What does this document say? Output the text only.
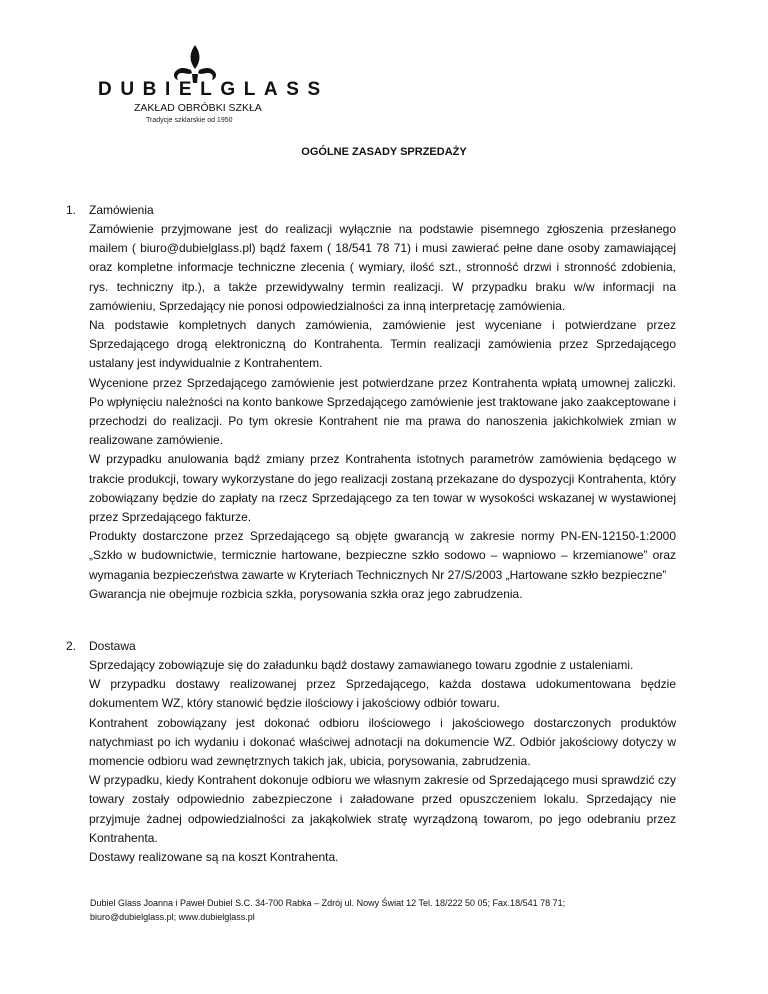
DUBIELGLASS
ZAKŁAD OBRÓBKI SZKŁA
Tradycje szklarskie od 1950
OGÓLNE ZASADY SPRZEDAŻY
1.	Zamówienia

Zamówienie przyjmowane jest do realizacji wyłącznie na podstawie pisemnego zgłoszenia przesłanego mailem ( biuro@dubielglass.pl) bądź faxem ( 18/541 78 71) i musi zawierać pełne dane osoby zamawiającej oraz kompletne informacje techniczne zlecenia ( wymiary, ilość szt., stronność drzwi i stronność zdobienia, rys. techniczny itp.), a także przewidywalny termin realizacji. W przypadku braku w/w informacji na zamówieniu, Sprzedający nie ponosi odpowiedzialności za inną interpretację zamówienia.

Na podstawie kompletnych danych zamówienia, zamówienie jest wyceniane i potwierdzane przez Sprzedającego drogą elektroniczną do Kontrahenta. Termin realizacji zamówienia przez Sprzedającego ustalany jest indywidualnie z Kontrahentem.

Wycenione przez Sprzedającego zamówienie jest potwierdzane przez Kontrahenta wpłatą umownej zaliczki. Po wpłynięciu należności na konto bankowe Sprzedającego zamówienie jest traktowane jako zaakceptowane i przechodzi do realizacji. Po tym okresie Kontrahent nie ma prawa do nanoszenia jakichkolwiek zmian w realizowane zamówienie.

W przypadku anulowania bądź zmiany przez Kontrahenta istotnych parametrów zamówienia będącego w trakcie produkcji, towary wykorzystane do jego realizacji zostaną przekazane do dyspozycji Kontrahenta, który zobowiązany będzie do zapłaty na rzecz Sprzedającego za ten towar w wysokości wskazanej w wystawionej przez Sprzedającego fakturze.

Produkty dostarczone przez Sprzedającego są objęte gwarancją w zakresie normy PN-EN-12150-1:2000 „Szkło w budownictwie, termicznie hartowane, bezpieczne szkło sodowo – wapniowo – krzemianowe” oraz wymagania bezpieczeństwa zawarte w Kryteriach Technicznych Nr 27/S/2003 „Hartowane szkło bezpieczne”

Gwarancja nie obejmuje rozbicia szkła, porysowania szkła oraz jego zabrudzenia.

2.	Dostawa

Sprzedający zobowiązuje się do załadunku bądź dostawy zamawianego towaru zgodnie z ustaleniami.

W przypadku dostawy realizowanej przez Sprzedającego, każda dostawa udokumentowana będzie dokumentem WZ, który stanowić będzie ilościowy i jakościowy odbiór towaru.

Kontrahent zobowiązany jest dokonać odbioru ilościowego i jakościowego dostarczonych produktów natychmiast po ich wydaniu i dokonać właściwej adnotacji na dokumencie WZ. Odbiór jakościowy dotyczy w momencie odbioru wad zewnętrznych takich jak, ubicia, porysowania, zabrudzenia.

W przypadku, kiedy Kontrahent dokonuje odbioru we własnym zakresie od Sprzedającego musi sprawdzić czy towary zostały odpowiednio zabezpieczone i załadowane przed opuszczeniem lokalu. Sprzedający nie przyjmuje żadnej odpowiedzialności za jakąkolwiek stratę wyrządzoną towarom, po jego odebraniu przez Kontrahenta.

Dostawy realizowane są na koszt Kontrahenta.

Dubiel Glass Joanna i Paweł Dubiel S.C. 34-700 Rabka – Zdrój ul. Nowy Świat 12 Tel. 18/222 50 05; Fax.18/541 78 71;
biuro@dubielglass.pl; www.dubielglass.pl
